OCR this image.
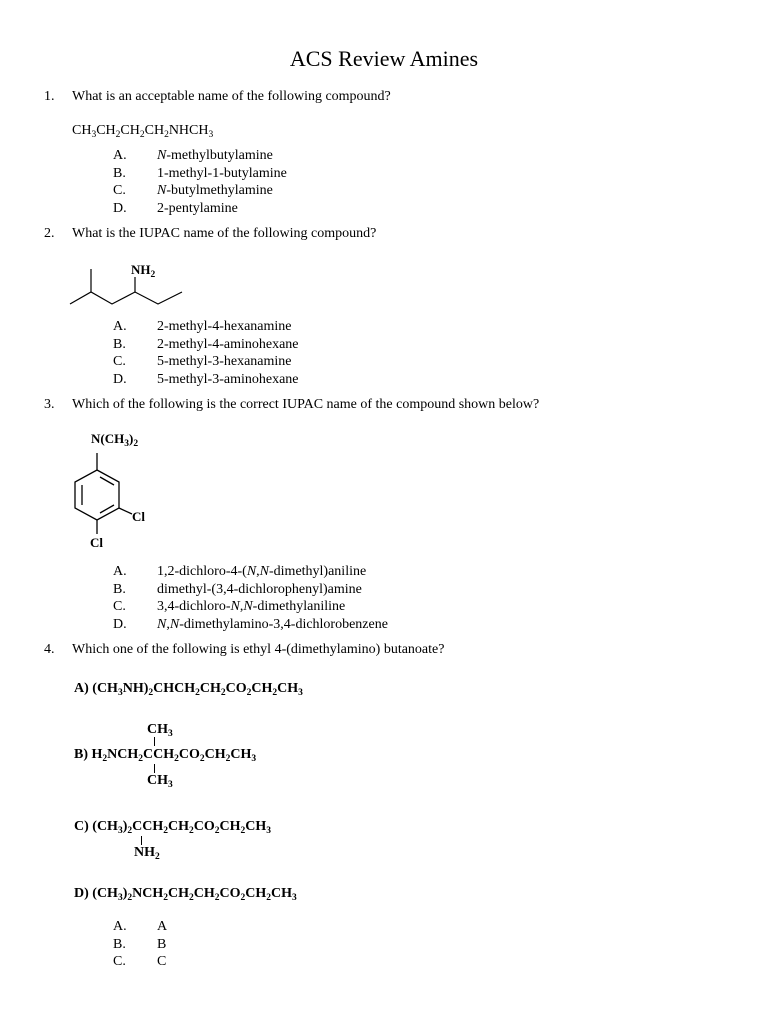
ACS Review Amines
1. What is an acceptable name of the following compound?
$CH_3CH_2CH_2CH_2NHCH_3$
A.	N-methylbutylamine
B.	1-methyl-1-butylamine
C.	N-butylmethylamine
D.	2-pentylamine
2. What is the IUPAC name of the following compound?
$NH_2$
A.	2-methyl-4-hexanamine
B.	2-methyl-4-aminohexane
C.	5-methyl-3-hexanamine
D.	5-methyl-3-aminohexane
3. Which of the following is the correct IUPAC name of the compound shown below?
$N(CH_3)_2$
Cl
Cl
A.	1,2-dichloro-4-(N,N-dimethyl)aniline
B.	dimethyl-(3,4-dichlorophenyl)amine
C.	3,4-dichloro-N,N-dimethylaniline
D.	N,N-dimethylamino-3,4-dichlorobenzene
4. Which one of the following is ethyl 4-(dimethylamino) butanoate?
A) $(CH_3NH)_2CHCH_2CH_2CO_2CH_2CH_3$
$CH_3$
B) $H_2NCH_2CCH_2CO_2CH_2CH_3$
$CH_3$
C) $(CH_3)_2CCH_2CH_2CO_2CH_2CH_3$
$NH_2$
D) $(CH_3)_2NCH_2CH_2CH_2CO_2CH_2CH_3$
A.	A
B.	B
C.	C
